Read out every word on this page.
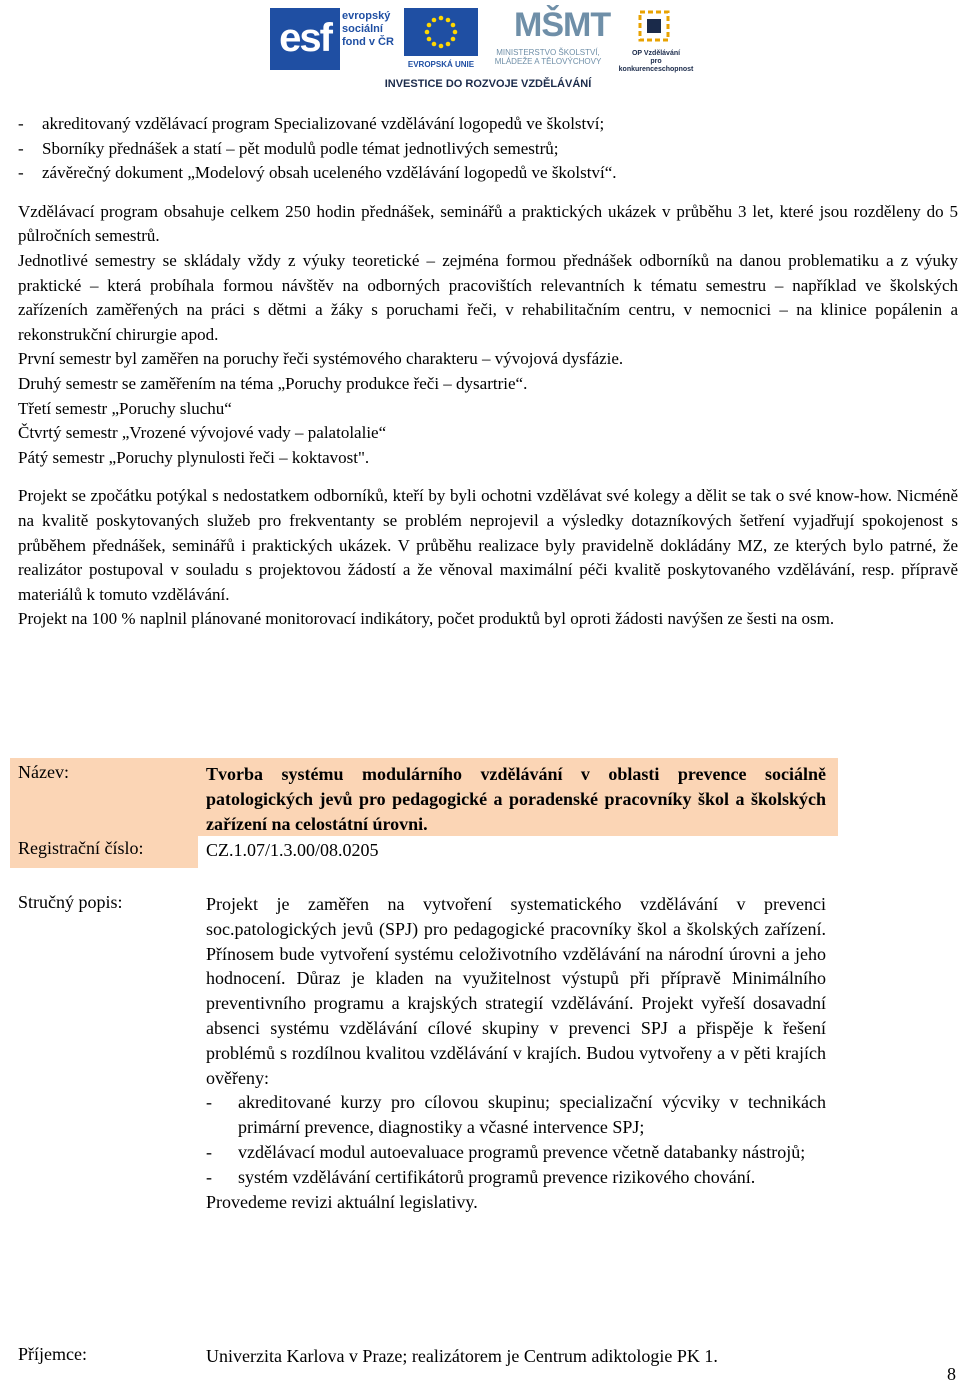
esf	evropský
sociální
fond v ČR
EVROPSKÁ UNIE
MŠMT
MINISTERSTVO ŠKOLSTVÍ,
MLÁDEŽE A TĚLOVÝCHOVY
OP Vzdělávání
pro konkurenceschopnost
INVESTICE DO ROZVOJE VZDĚLÁVÁNÍ
- akreditovaný vzdělávací program Specializované vzdělávání logopedů ve školství;
- Sborníky přednášek a statí – pět modulů podle témat jednotlivých semestrů;
- závěrečný dokument „Modelový obsah uceleného vzdělávání logopedů ve školství“.

Vzdělávací program obsahuje celkem 250 hodin přednášek, seminářů a praktických ukázek v průběhu 3 let, které jsou rozděleny do 5 půlročních semestrů.

Jednotlivé semestry se skládaly vždy z výuky teoretické – zejména formou přednášek odborníků na danou problematiku a z výuky praktické – která probíhala formou návštěv na odborných pracovištích relevantních k tématu semestru – například ve školských zařízeních zaměřených na práci s dětmi a žáky s poruchami řeči, v rehabilitačním centru, v nemocnici – na klinice popálenin a rekonstrukční chirurgie apod.

První semestr byl zaměřen na poruchy řeči systémového charakteru – vývojová dysfázie.
Druhý semestr se zaměřením na téma „Poruchy produkce řeči – dysartrie“.
Třetí semestr „Poruchy sluchu“
Čtvrtý semestr „Vrozené vývojové vady – palatolalie“
Pátý semestr „Poruchy plynulosti řeči – koktavost".

Projekt se zpočátku potýkal s nedostatkem odborníků, kteří by byli ochotni vzdělávat své kolegy a dělit se tak o své know-how. Nicméně na kvalitě poskytovaných služeb pro frekventanty se problém neprojevil a výsledky dotazníkových šetření vyjadřují spokojenost s průběhem přednášek, seminářů i praktických ukázek. V průběhu realizace byly pravidelně dokládány MZ, ze kterých bylo patrné, že realizátor postupoval v souladu s projektovou žádostí a že věnoval maximální péči kvalitě poskytovaného vzdělávání, resp. přípravě materiálů k tomuto vzdělávání.

Projekt na 100 % naplnil plánované monitorovací indikátory, počet produktů byl oproti žádosti navýšen ze šesti na osm.

Název:	Tvorba systému modulárního vzdělávání v oblasti prevence sociálně patologických jevů pro pedagogické a poradenské pracovníky škol a školských zařízení na celostátní úrovni.
Registrační číslo:	CZ.1.07/1.3.00/08.0205
Stručný popis:	Projekt je zaměřen na vytvoření systematického vzdělávání v prevenci soc.patologických jevů (SPJ) pro pedagogické pracovníky škol a školských zařízení. Přínosem bude vytvoření systému celoživotního vzdělávání na národní úrovni a jeho hodnocení. Důraz je kladen na využitelnost výstupů při přípravě Minimálního preventivního programu a krajských strategií vzdělávání. Projekt vyřeší dosavadní absenci systému vzdělávání cílové skupiny v prevenci SPJ a přispěje k řešení problémů s rozdílnou kvalitou vzdělávání v krajích. Budou vytvořeny a v pěti krajích ověřeny:
- akreditované kurzy pro cílovou skupinu; specializační výcviky v technikách primární prevence, diagnostiky a včasné intervence SPJ;
- vzdělávací modul autoevaluace programů prevence včetně databanky nástrojů;
- systém vzdělávání certifikátorů programů prevence rizikového chování.
Provedeme revizi aktuální legislativy.
Příjemce:	Univerzita Karlova v Praze; realizátorem je Centrum adiktologie PK 1.
8
